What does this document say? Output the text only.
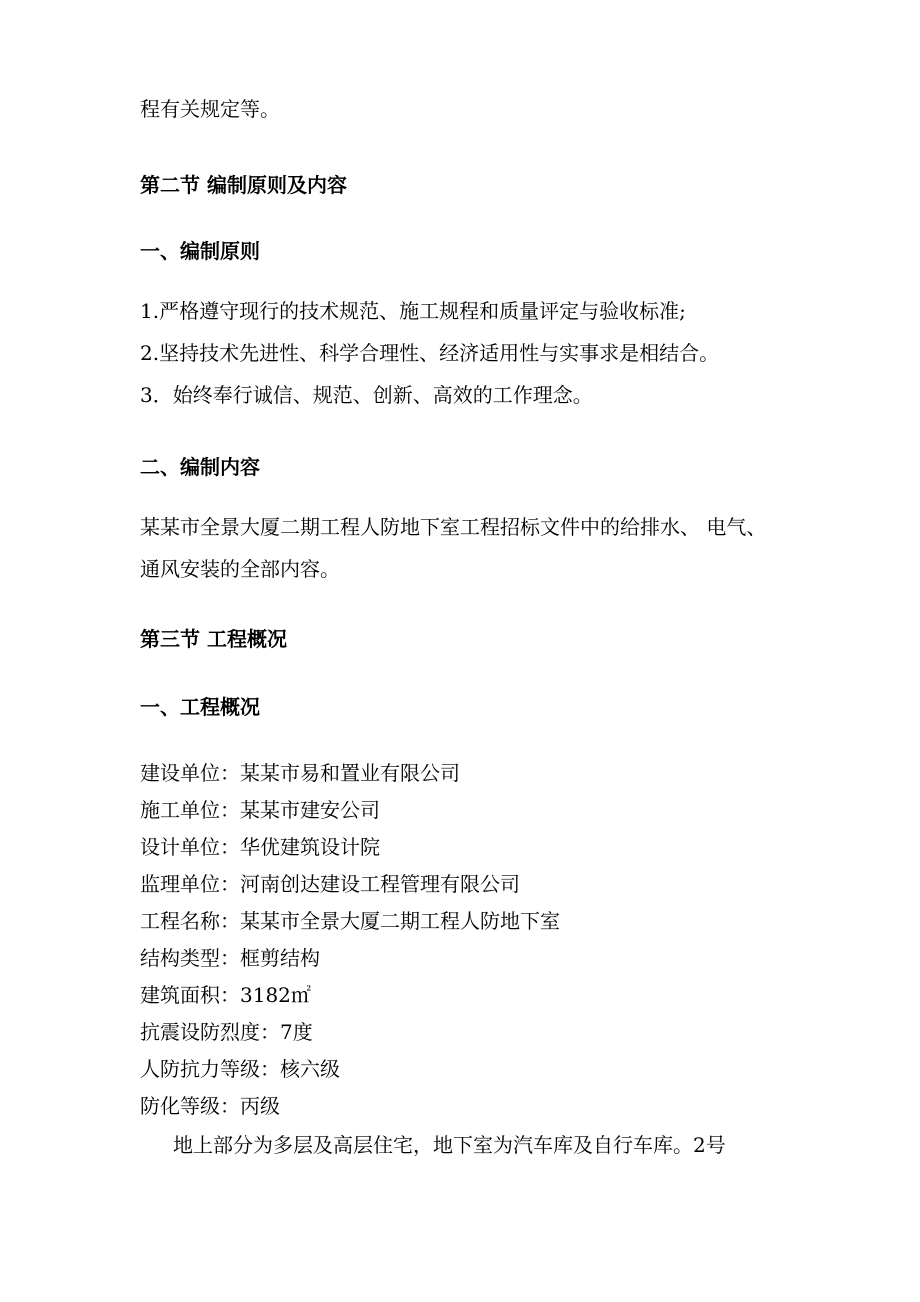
程有关规定等。
第二节 编制原则及内容
一、编制原则
1.严格遵守现行的技术规范、施工规程和质量评定与验收标准;
2.坚持技术先进性、科学合理性、经济适用性与实事求是相结合。
3．始终奉行诚信、规范、创新、高效的工作理念。
二、编制内容
某某市全景大厦二期工程人防地下室工程招标文件中的给排水、 电气、
通风安装的全部内容。
第三节 工程概况
一、工程概况
建设单位：某某市易和置业有限公司
施工单位：某某市建安公司
设计单位：华优建筑设计院
监理单位：河南创达建设工程管理有限公司
工程名称：某某市全景大厦二期工程人防地下室
结构类型：框剪结构
建筑面积：3182㎡
抗震设防烈度：7度
人防抗力等级：核六级
防化等级：丙级
地上部分为多层及高层住宅，地下室为汽车库及自行车库。2号
